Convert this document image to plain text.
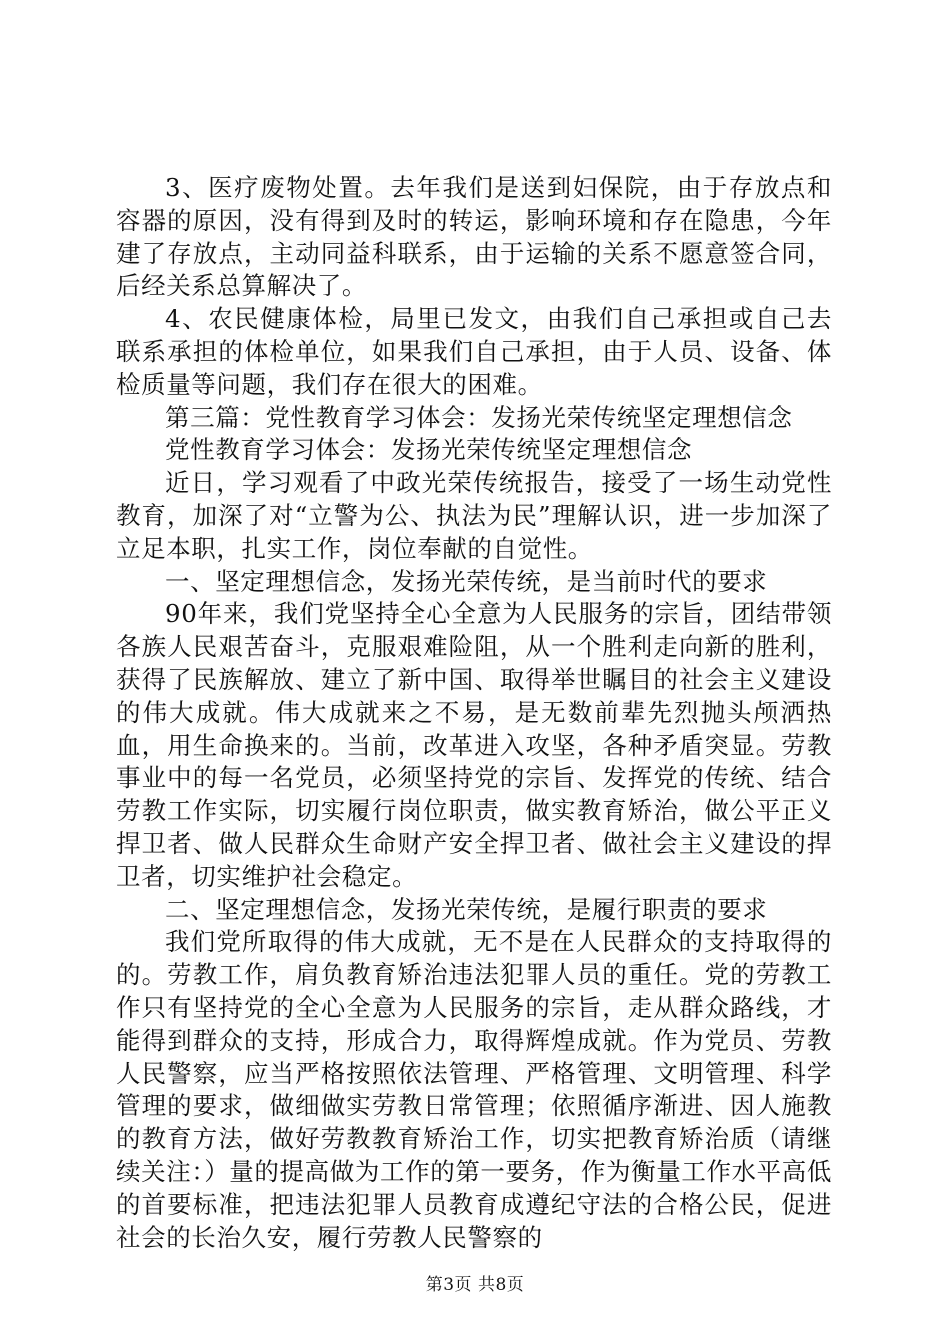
3、医疗废物处置。去年我们是送到妇保院，由于存放点和容器的原因，没有得到及时的转运，影响环境和存在隐患，今年建了存放点，主动同益科联系，由于运输的关系不愿意签合同，后经关系总算解决了。

4、农民健康体检，局里已发文，由我们自己承担或自己去联系承担的体检单位，如果我们自己承担，由于人员、设备、体检质量等问题，我们存在很大的困难。

第三篇：党性教育学习体会：发扬光荣传统坚定理想信念

党性教育学习体会：发扬光荣传统坚定理想信念

近日，学习观看了中政光荣传统报告，接受了一场生动党性教育，加深了对“立警为公、执法为民”理解认识，进一步加深了立足本职，扎实工作，岗位奉献的自觉性。

一、坚定理想信念，发扬光荣传统，是当前时代的要求

90年来，我们党坚持全心全意为人民服务的宗旨，团结带领各族人民艰苦奋斗，克服艰难险阻，从一个胜利走向新的胜利，获得了民族解放、建立了新中国、取得举世瞩目的社会主义建设的伟大成就。伟大成就来之不易，是无数前辈先烈抛头颅洒热血，用生命换来的。当前，改革进入攻坚，各种矛盾突显。劳教事业中的每一名党员，必须坚持党的宗旨、发挥党的传统、结合劳教工作实际，切实履行岗位职责，做实教育矫治，做公平正义捍卫者、做人民群众生命财产安全捍卫者、做社会主义建设的捍卫者，切实维护社会稳定。

二、坚定理想信念，发扬光荣传统，是履行职责的要求

我们党所取得的伟大成就，无不是在人民群众的支持取得的的。劳教工作，肩负教育矫治违法犯罪人员的重任。党的劳教工作只有坚持党的全心全意为人民服务的宗旨，走从群众路线，才能得到群众的支持，形成合力，取得辉煌成就。作为党员、劳教人民警察，应当严格按照依法管理、严格管理、文明管理、科学管理的要求，做细做实劳教日常管理；依照循序渐进、因人施教的教育方法，做好劳教教育矫治工作，切实把教育矫治质（请继续关注：）量的提高做为工作的第一要务，作为衡量工作水平高低的首要标准，把违法犯罪人员教育成遵纪守法的合格公民，促进社会的长治久安，履行劳教人民警察的

第3页 共8页
